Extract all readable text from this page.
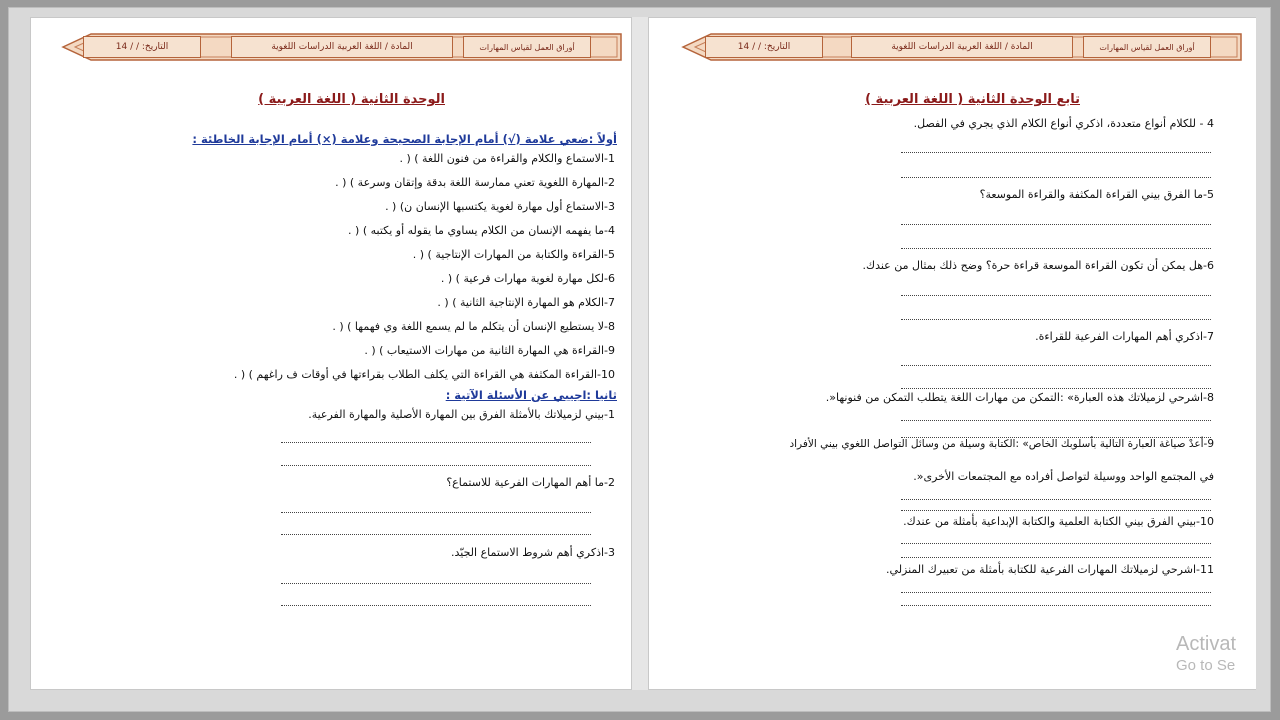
التاريخ: / / 14	المادة / اللغة العربية الدراسات اللغوية	أوراق العمل لقياس المهارات
الوحدة الثانية ( اللغة العربية )
أولاً :ضعي علامة (√) أمام الإجابة الصحيحة وعلامة (×) أمام الإجابة الخاطئة :
1-الاستماع والكلام والقراءة من فنون اللغة ) ( .
2-المهارة اللغوية تعني ممارسة اللغة بدقة وإتقان وسرعة ) ( .
3-الاستماع أول مهارة لغوية يكتسبها الإنسان ن) ( .
4-ما يفهمه الإنسان من الكلام يساوي ما يقوله أو يكتبه ) ( .
5-القراءة والكتابة من المهارات الإنتاجية ) ( .
6-لكل مهارة لغوية مهارات فرعية ) ( .
7-الكلام هو المهارة الإنتاجية الثانية ) ( .
8-لا يستطيع الإنسان أن يتكلم ما لم يسمع اللغة وي فهمها ) ( .
9-القراءة هي المهارة الثانية من مهارات الاستيعاب ) ( .
10-القراءة المكثفة هي القراءة التي يكلف الطلاب بقراءتها في أوقات ف راغهم ) ( .
ثانيا :اجيبي عن الأسئلة الآتية :
1-بيني لزميلاتك بالأمثلة الفرق بين المهارة الأصلية والمهارة الفرعية.
2-ما أهم المهارات الفرعية للاستماع؟
3-اذكري أهم شروط الاستماع الجيّد.
التاريخ: / / 14	المادة / اللغة العربية الدراسات اللغوية	أوراق العمل لقياس المهارات
تابع الوحدة الثانية ( اللغة العربية )
4 - للكلام أنواع متعددة، اذكري أنواع الكلام الذي يجري في الفصل.
5-ما الفرق بيني القراءة المكثفة والقراءة الموسعة؟
6-هل يمكن أن تكون القراءة الموسعة قراءة حرة؟ وضح ذلك بمثال من عندك.
7-اذكري أهم المهارات الفرعية للقراءة.
8-اشرحي لزميلاتك هذه العبارة» :التمكن من مهارات اللغة يتطلب التمكن من فنونها«.
9-أعدْ صياغة العبارة التالية بأسلوبك الخاص» :الكتابة وسيلة من وسائل التواصل اللغوي بيني الأفراد
في المجتمع الواحد ووسيلة لتواصل أفراده مع المجتمعات الأخرى«.
10-بيني الفرق بيني الكتابة العلمية والكتابة الإبداعية بأمثلة من عندك.
11-اشرحي لزميلاتك المهارات الفرعية للكتابة بأمثلة من تعبيرك المنزلي.
Activat
Go to Se
